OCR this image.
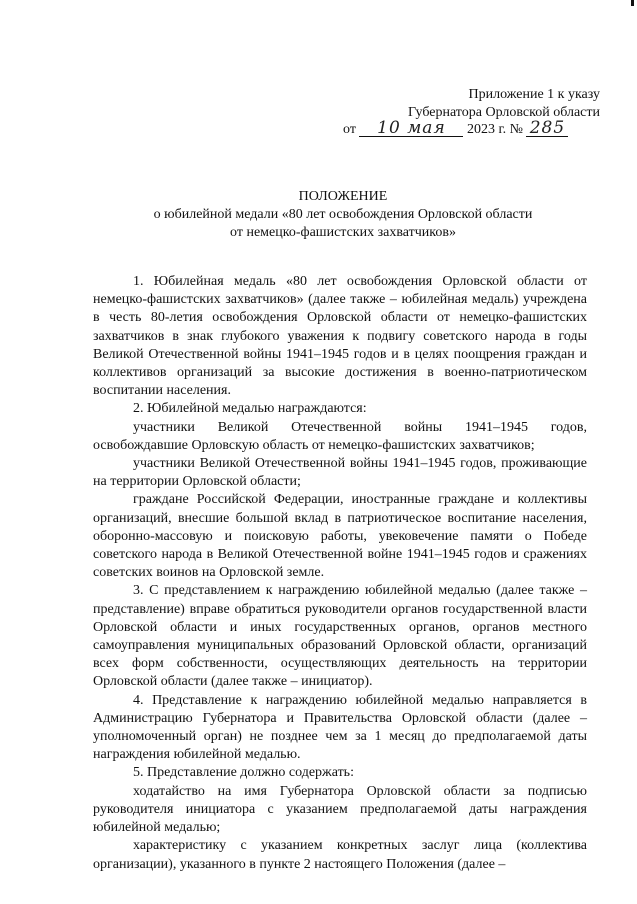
Приложение 1 к указу
Губернатора Орловской области
от 10 мая 2023 г. № 285
ПОЛОЖЕНИЕ
о юбилейной медали «80 лет освобождения Орловской области
от немецко-фашистских захватчиков»

1. Юбилейная медаль «80 лет освобождения Орловской области от немецко-фашистских захватчиков» (далее также – юбилейная медаль) учреждена в честь 80-летия освобождения Орловской области от немецко-фашистских захватчиков в знак глубокого уважения к подвигу советского народа в годы Великой Отечественной войны 1941–1945 годов и в целях поощрения граждан и коллективов организаций за высокие достижения в военно-патриотическом воспитании населения.

2. Юбилейной медалью награждаются:

участники Великой Отечественной войны 1941–1945 годов, освобождавшие Орловскую область от немецко-фашистских захватчиков;

участники Великой Отечественной войны 1941–1945 годов, проживающие на территории Орловской области;

граждане Российской Федерации, иностранные граждане и коллективы организаций, внесшие большой вклад в патриотическое воспитание населения, оборонно-массовую и поисковую работы, увековечение памяти о Победе советского народа в Великой Отечественной войне 1941–1945 годов и сражениях советских воинов на Орловской земле.

3. С представлением к награждению юбилейной медалью (далее также – представление) вправе обратиться руководители органов государственной власти Орловской области и иных государственных органов, органов местного самоуправления муниципальных образований Орловской области, организаций всех форм собственности, осуществляющих деятельность на территории Орловской области (далее также – инициатор).

4. Представление к награждению юбилейной медалью направляется в Администрацию Губернатора и Правительства Орловской области (далее – уполномоченный орган) не позднее чем за 1 месяц до предполагаемой даты награждения юбилейной медалью.

5. Представление должно содержать:

ходатайство на имя Губернатора Орловской области за подписью руководителя инициатора с указанием предполагаемой даты награждения юбилейной медалью;

характеристику с указанием конкретных заслуг лица (коллектива организации), указанного в пункте 2 настоящего Положения (далее –
